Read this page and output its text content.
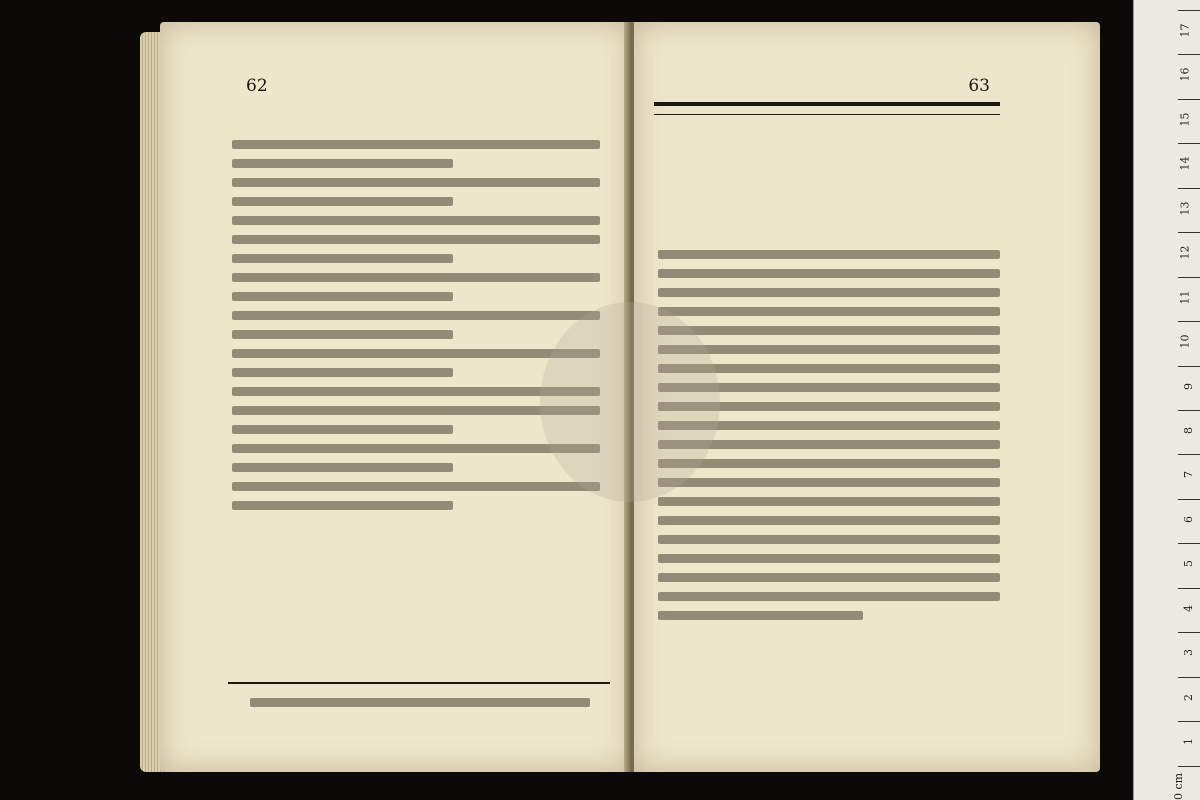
62	63
17
16
15
14
13
12
11
10
9
8
7
6
5
4
3
2
1
0 cm
